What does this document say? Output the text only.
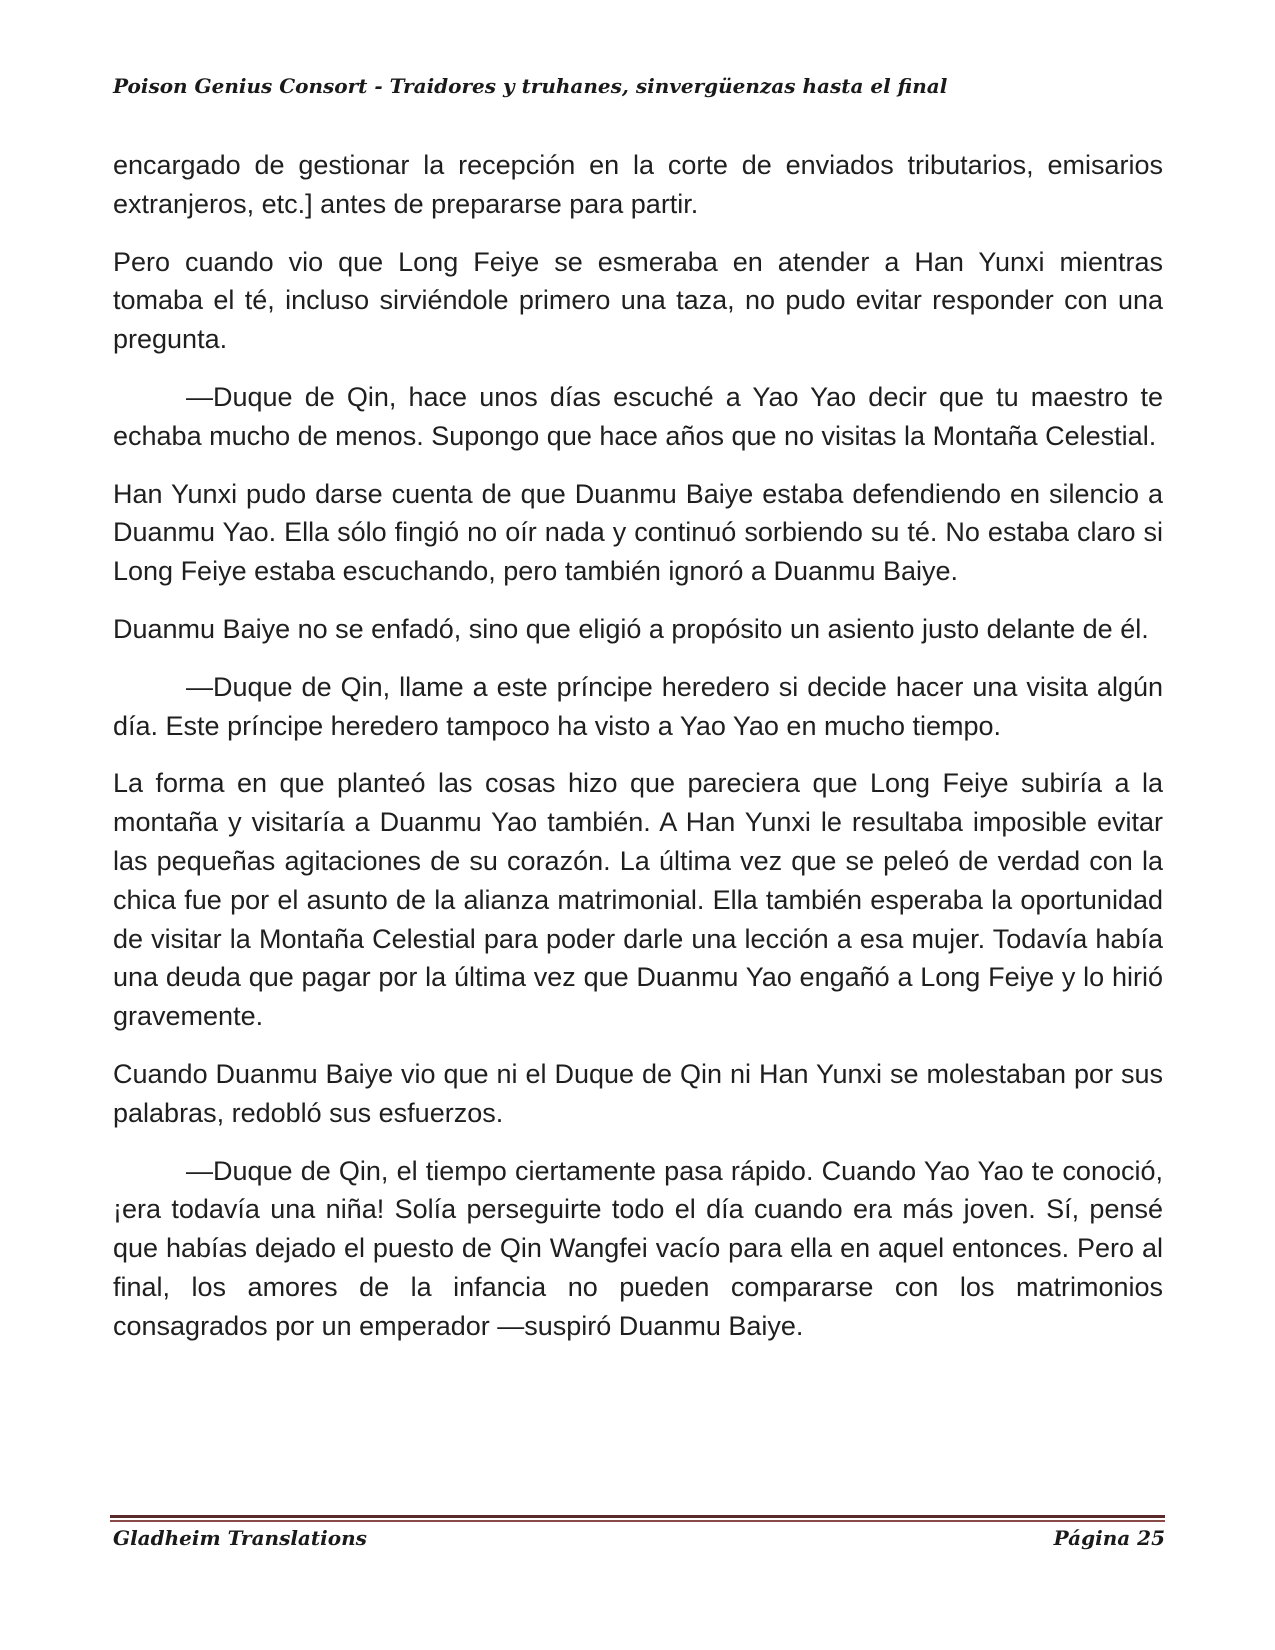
Poison Genius Consort - Traidores y truhanes, sinvergüenzas hasta el final

encargado de gestionar la recepción en la corte de enviados tributarios, emisarios extranjeros, etc.] antes de prepararse para partir.

Pero cuando vio que Long Feiye se esmeraba en atender a Han Yunxi mientras tomaba el té, incluso sirviéndole primero una taza, no pudo evitar responder con una pregunta.

—Duque de Qin, hace unos días escuché a Yao Yao decir que tu maestro te echaba mucho de menos. Supongo que hace años que no visitas la Montaña Celestial.

Han Yunxi pudo darse cuenta de que Duanmu Baiye estaba defendiendo en silencio a Duanmu Yao. Ella sólo fingió no oír nada y continuó sorbiendo su té. No estaba claro si Long Feiye estaba escuchando, pero también ignoró a Duanmu Baiye.

Duanmu Baiye no se enfadó, sino que eligió a propósito un asiento justo delante de él.

—Duque de Qin, llame a este príncipe heredero si decide hacer una visita algún día. Este príncipe heredero tampoco ha visto a Yao Yao en mucho tiempo.

La forma en que planteó las cosas hizo que pareciera que Long Feiye subiría a la montaña y visitaría a Duanmu Yao también. A Han Yunxi le resultaba imposible evitar las pequeñas agitaciones de su corazón. La última vez que se peleó de verdad con la chica fue por el asunto de la alianza matrimonial. Ella también esperaba la oportunidad de visitar la Montaña Celestial para poder darle una lección a esa mujer. Todavía había una deuda que pagar por la última vez que Duanmu Yao engañó a Long Feiye y lo hirió gravemente.

Cuando Duanmu Baiye vio que ni el Duque de Qin ni Han Yunxi se molestaban por sus palabras, redobló sus esfuerzos.

—Duque de Qin, el tiempo ciertamente pasa rápido. Cuando Yao Yao te conoció, ¡era todavía una niña! Solía perseguirte todo el día cuando era más joven. Sí, pensé que habías dejado el puesto de Qin Wangfei vacío para ella en aquel entonces. Pero al final, los amores de la infancia no pueden compararse con los matrimonios consagrados por un emperador —suspiró Duanmu Baiye.

Gladheim Translations	Página 25
